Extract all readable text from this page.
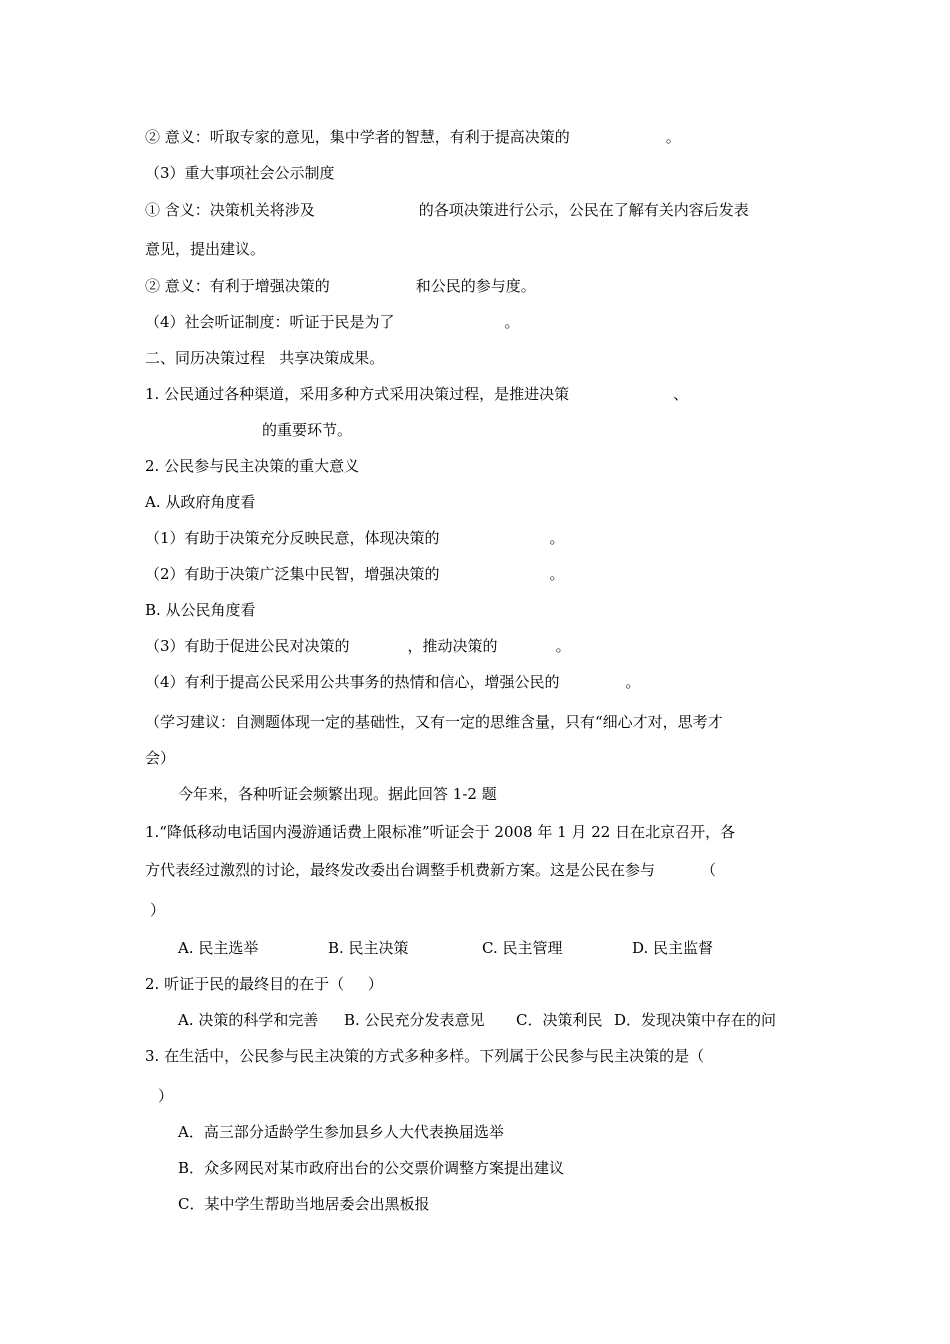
② 意义：听取专家的意见，集中学者的智慧，有利于提高决策的	。
（3）重大事项社会公示制度
① 含义：决策机关将涉及	的各项决策进行公示，公民在了解有关内容后发表
意见，提出建议。
② 意义：有利于增强决策的	和公民的参与度。
（4）社会听证制度：听证于民是为了	。
二、同历决策过程   共享决策成果。
1. 公民通过各种渠道，采用多种方式采用决策过程，是推进决策	、
的重要环节。
2. 公民参与民主决策的重大意义
A. 从政府角度看
（1）有助于决策充分反映民意，体现决策的	。
（2）有助于决策广泛集中民智，增强决策的	。
B. 从公民角度看
（3）有助于促进公民对决策的	，推动决策的	。
（4）有利于提高公民采用公共事务的热情和信心，增强公民的	。
（学习建议：自测题体现一定的基础性，又有一定的思维含量，只有“细心才对，思考才
会）
今年来，各种听证会频繁出现。据此回答 1-2 题
1.“降低移动电话国内漫游通话费上限标准”听证会于 2008 年 1 月 22 日在北京召开，各
方代表经过激烈的讨论，最终发改委出台调整手机费新方案。这是公民在参与	（
）
A. 民主选举	B. 民主决策	C. 民主管理	D. 民主监督
2. 听证于民的最终目的在于（     ）
A. 决策的科学和完善 B. 公民充分发表意见 C．决策利民 D．发现决策中存在的问
3. 在生活中，公民参与民主决策的方式多种多样。下列属于公民参与民主决策的是（
）
A．高三部分适龄学生参加县乡人大代表换届选举
B．众多网民对某市政府出台的公交票价调整方案提出建议
C．某中学生帮助当地居委会出黑板报
